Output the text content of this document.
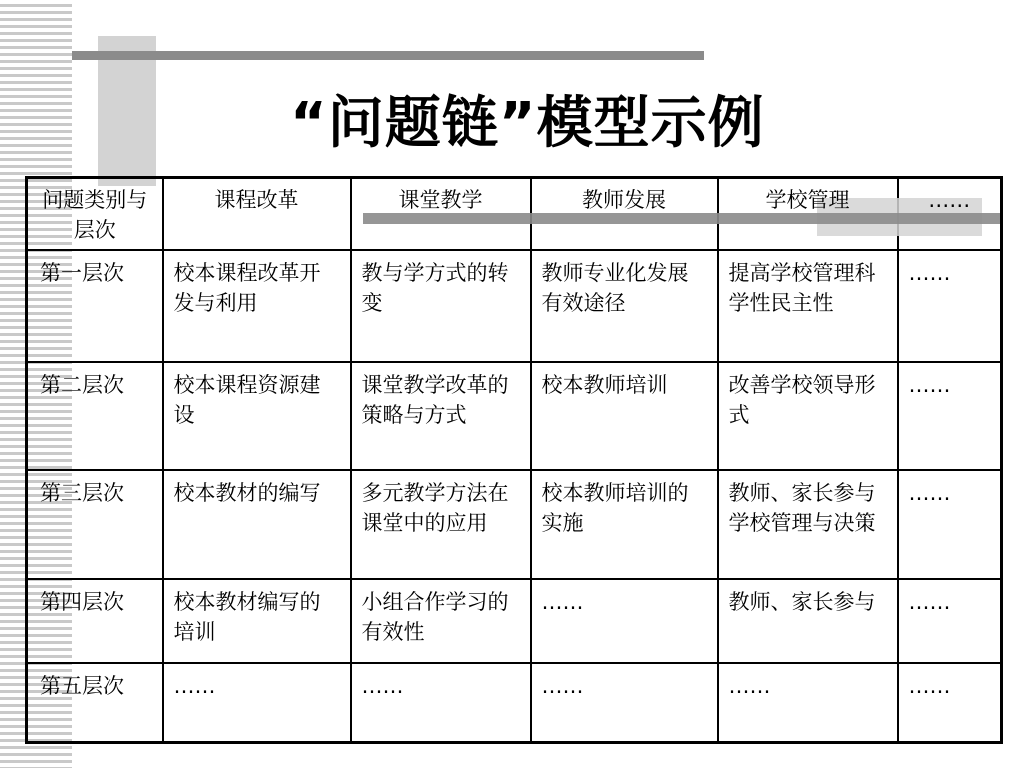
“问题链”模型示例
问题类别与层次	课程改革	课堂教学	教师发展	学校管理	……
第一层次	校本课程改革开发与利用	教与学方式的转变	教师专业化发展有效途径	提高学校管理科学性民主性	……
第二层次	校本课程资源建设	课堂教学改革的策略与方式	校本教师培训	改善学校领导形式	……
第三层次	校本教材的编写	多元教学方法在课堂中的应用	校本教师培训的实施	教师、家长参与学校管理与决策	……
第四层次	校本教材编写的培训	小组合作学习的有效性	……	教师、家长参与	……
第五层次	……	……	……	……	……
